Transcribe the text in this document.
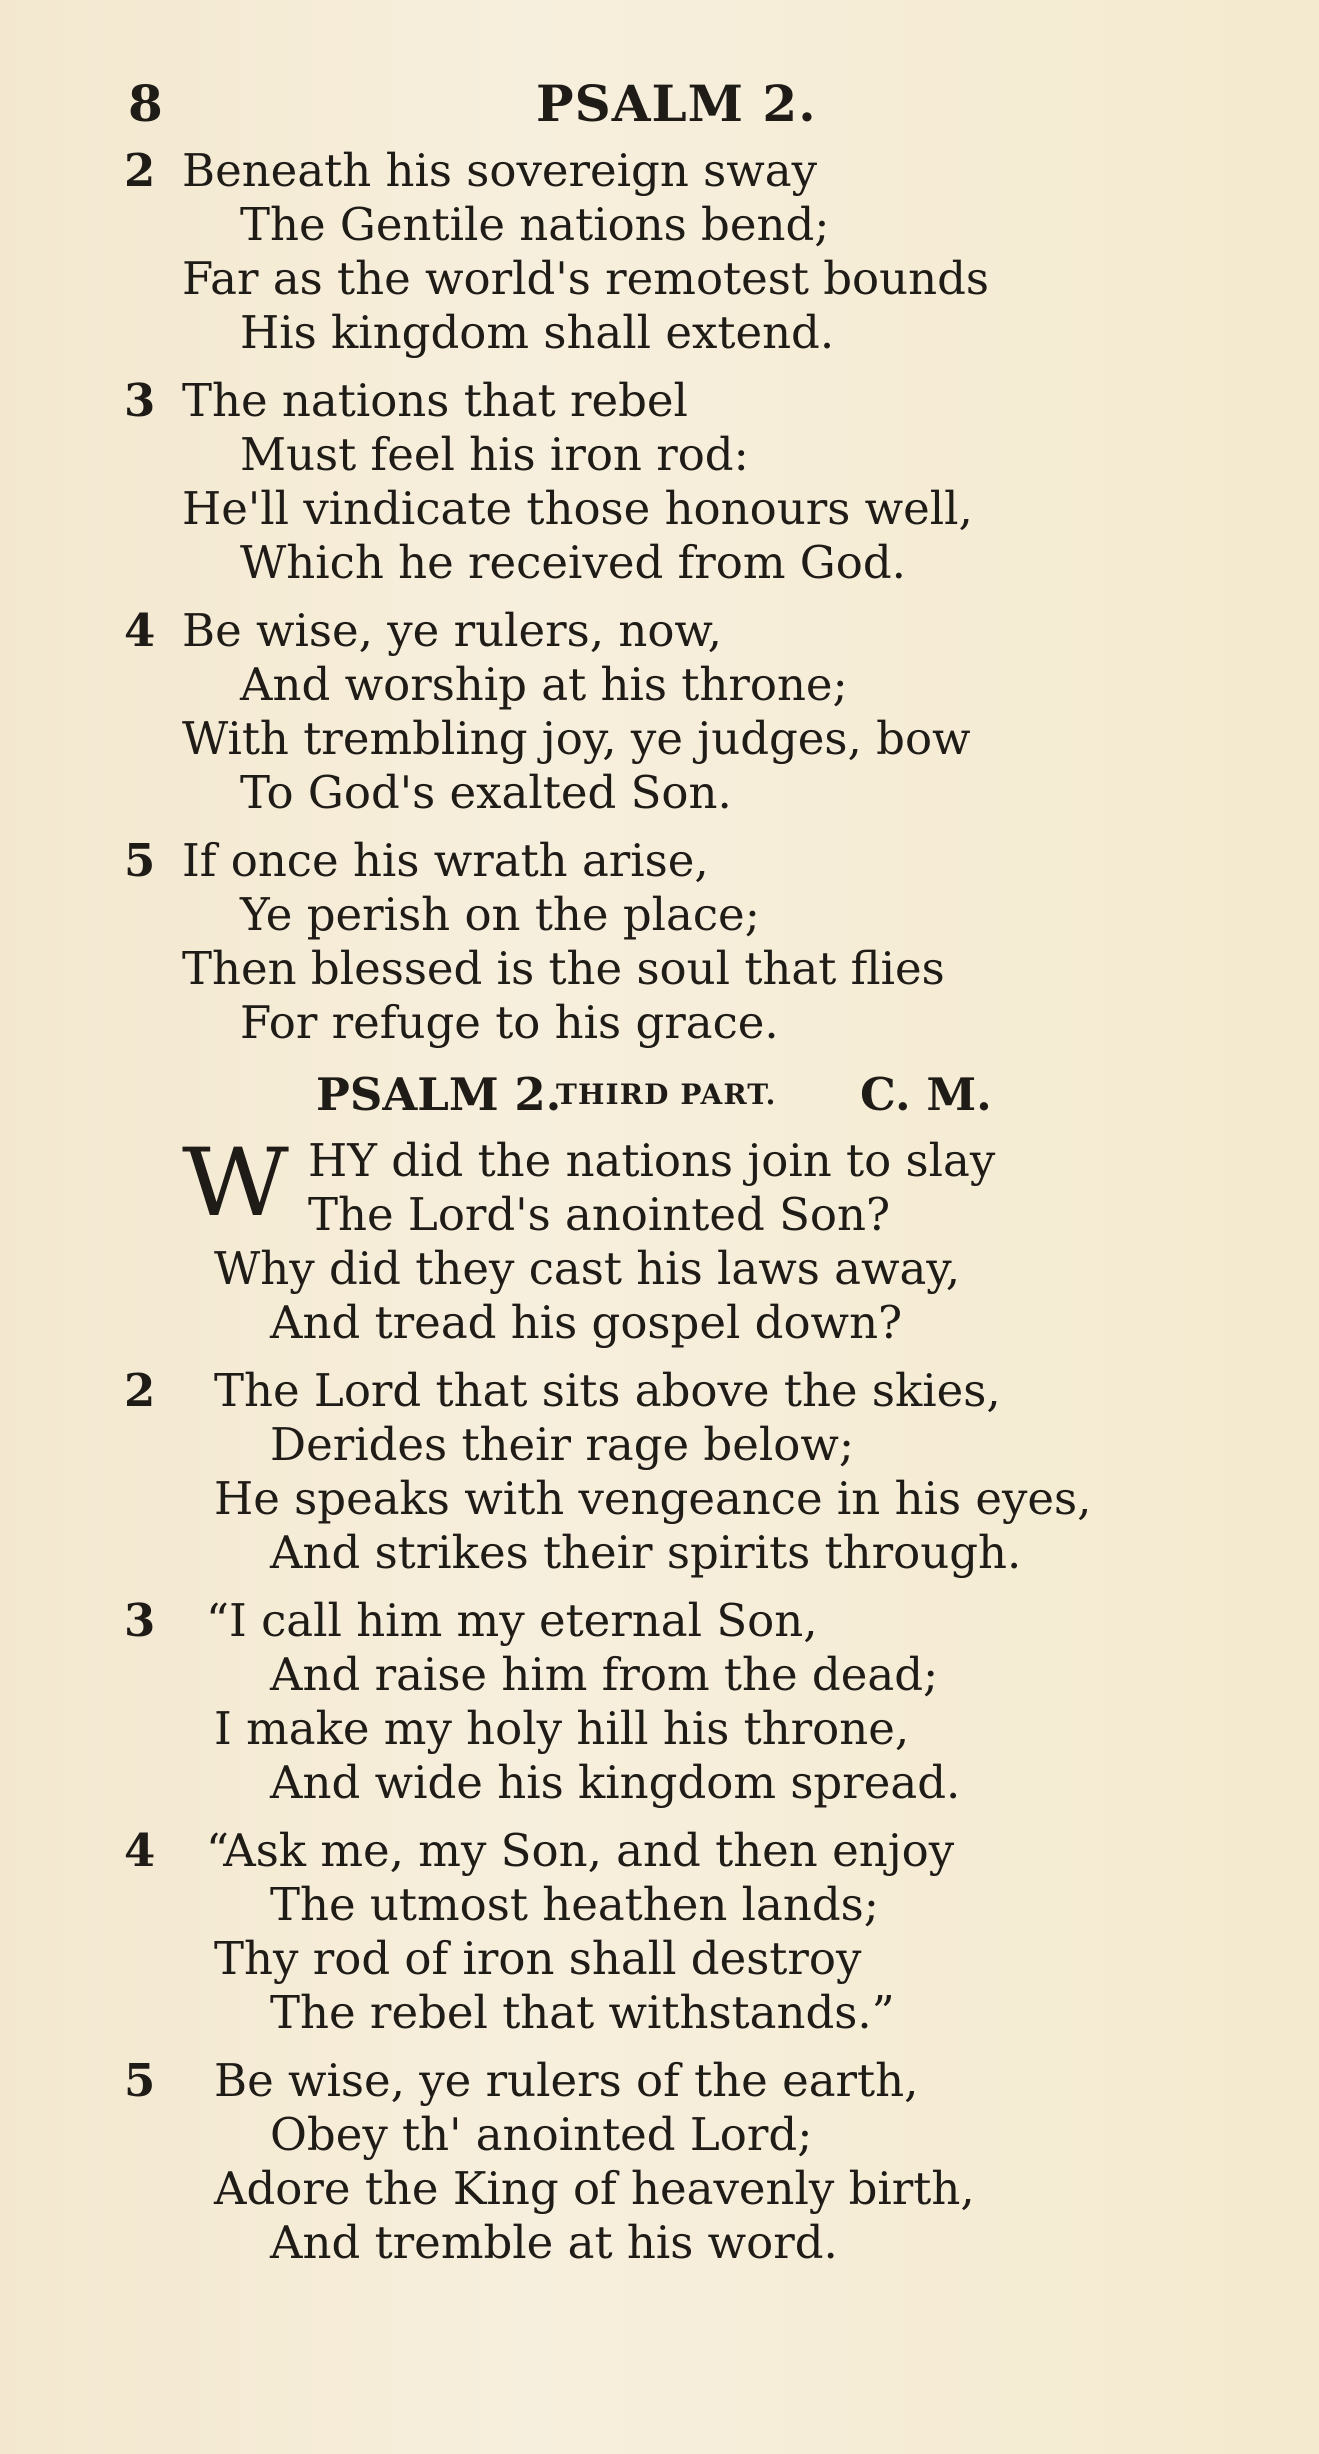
8	PSALM 2.
2 Beneath his sovereign sway
The Gentile nations bend;
Far as the world's remotest bounds
His kingdom shall extend.
3 The nations that rebel
Must feel his iron rod:
He'll vindicate those honours well,
Which he received from God.
4 Be wise, ye rulers, now,
And worship at his throne;
With trembling joy, ye judges, bow
To God's exalted Son.
5 If once his wrath arise,
Ye perish on the place;
Then blessed is the soul that flies
For refuge to his grace.
PSALM 2.
THIRD PART. C. M.
W HY did the nations join to slay
The Lord's anointed Son?
Why did they cast his laws away,
And tread his gospel down?
2 The Lord that sits above the skies,
Derides their rage below;
He speaks with vengeance in his eyes,
And strikes their spirits through.
3 “I call him my eternal Son,
And raise him from the dead;
I make my holy hill his throne,
And wide his kingdom spread.
4 “Ask me, my Son, and then enjoy
The utmost heathen lands;
Thy rod of iron shall destroy
The rebel that withstands.”
5 Be wise, ye rulers of the earth,
Obey th' anointed Lord;
Adore the King of heavenly birth,
And tremble at his word.
